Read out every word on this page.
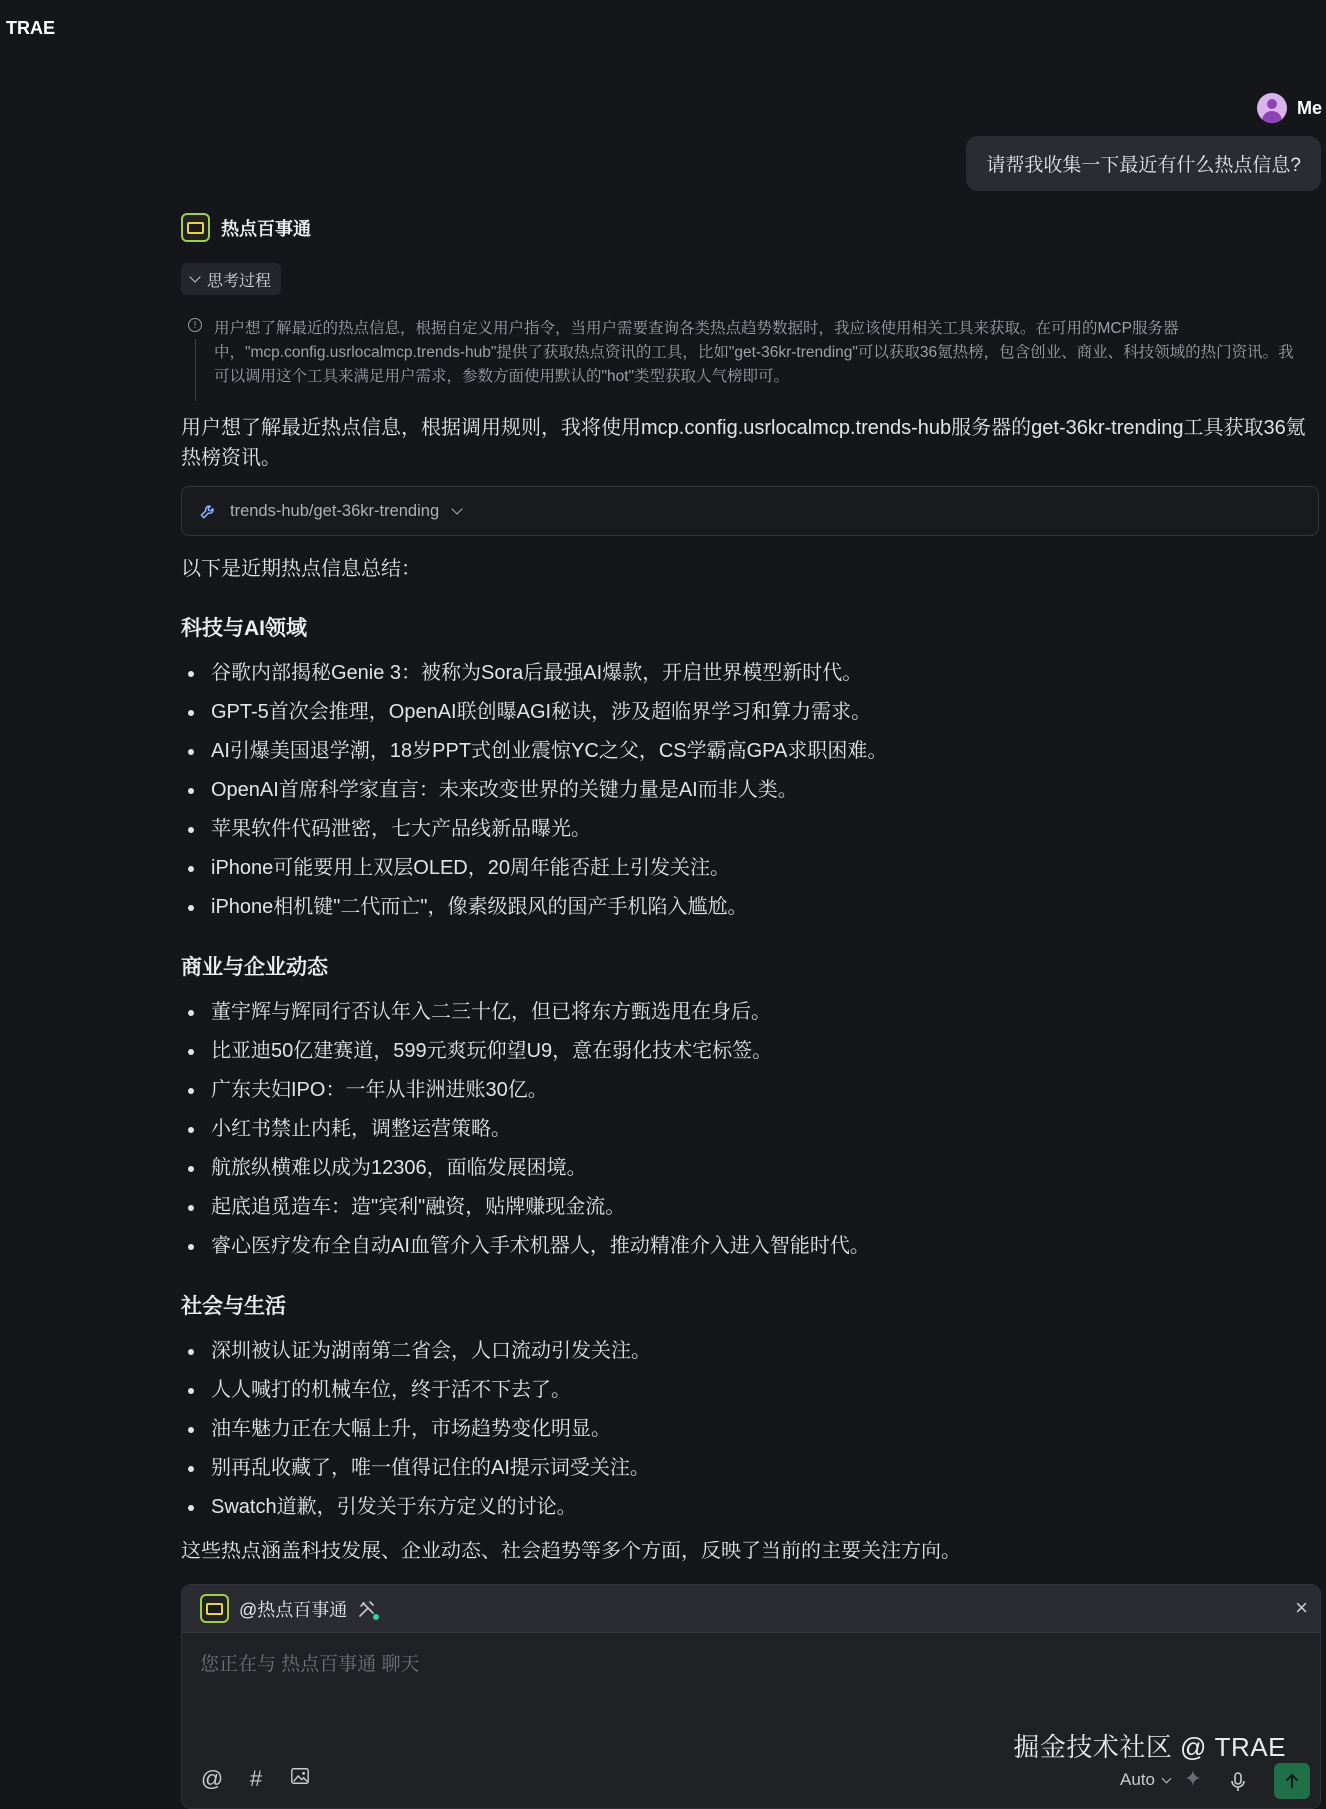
TRAE
Me
请帮我收集一下最近有什么热点信息?
热点百事通
思考过程
!	用户想了解最近的热点信息，根据自定义用户指令，当用户需要查询各类热点趋势数据时，我应该使用相关工具来获取。在可用的MCP服务器中，"mcp.config.usrlocalmcp.trends-hub"提供了获取热点资讯的工具，比如"get-36kr-trending"可以获取36氪热榜，包含创业、商业、科技领域的热门资讯。我可以调用这个工具来满足用户需求，参数方面使用默认的"hot"类型获取人气榜即可。
用户想了解最近热点信息，根据调用规则，我将使用mcp.config.usrlocalmcp.trends-hub服务器的get-36kr-trending工具获取36氪热榜资讯。
trends-hub/get-36kr-trending
以下是近期热点信息总结：
科技与AI领域
谷歌内部揭秘Genie 3：被称为Sora后最强AI爆款，开启世界模型新时代。
GPT-5首次会推理，OpenAI联创曝AGI秘诀，涉及超临界学习和算力需求。
AI引爆美国退学潮，18岁PPT式创业震惊YC之父，CS学霸高GPA求职困难。
OpenAI首席科学家直言：未来改变世界的关键力量是AI而非人类。
苹果软件代码泄密，七大产品线新品曝光。
iPhone可能要用上双层OLED，20周年能否赶上引发关注。
iPhone相机键"二代而亡"，像素级跟风的国产手机陷入尴尬。
商业与企业动态
董宇辉与辉同行否认年入二三十亿，但已将东方甄选甩在身后。
比亚迪50亿建赛道，599元爽玩仰望U9，意在弱化技术宅标签。
广东夫妇IPO：一年从非洲进账30亿。
小红书禁止内耗，调整运营策略。
航旅纵横难以成为12306，面临发展困境。
起底追觅造车：造"宾利"融资，贴牌赚现金流。
睿心医疗发布全自动AI血管介入手术机器人，推动精准介入进入智能时代。
社会与生活
深圳被认证为湖南第二省会，人口流动引发关注。
人人喊打的机械车位，终于活不下去了。
油车魅力正在大幅上升，市场趋势变化明显。
别再乱收藏了，唯一值得记住的AI提示词受关注。
Swatch道歉，引发关于东方定义的讨论。
这些热点涵盖科技发展、企业动态、社会趋势等多个方面，反映了当前的主要关注方向。
@热点百事通	×
您正在与 热点百事通 聊天
@ #	Auto ✦
掘金技术社区 @ TRAE
